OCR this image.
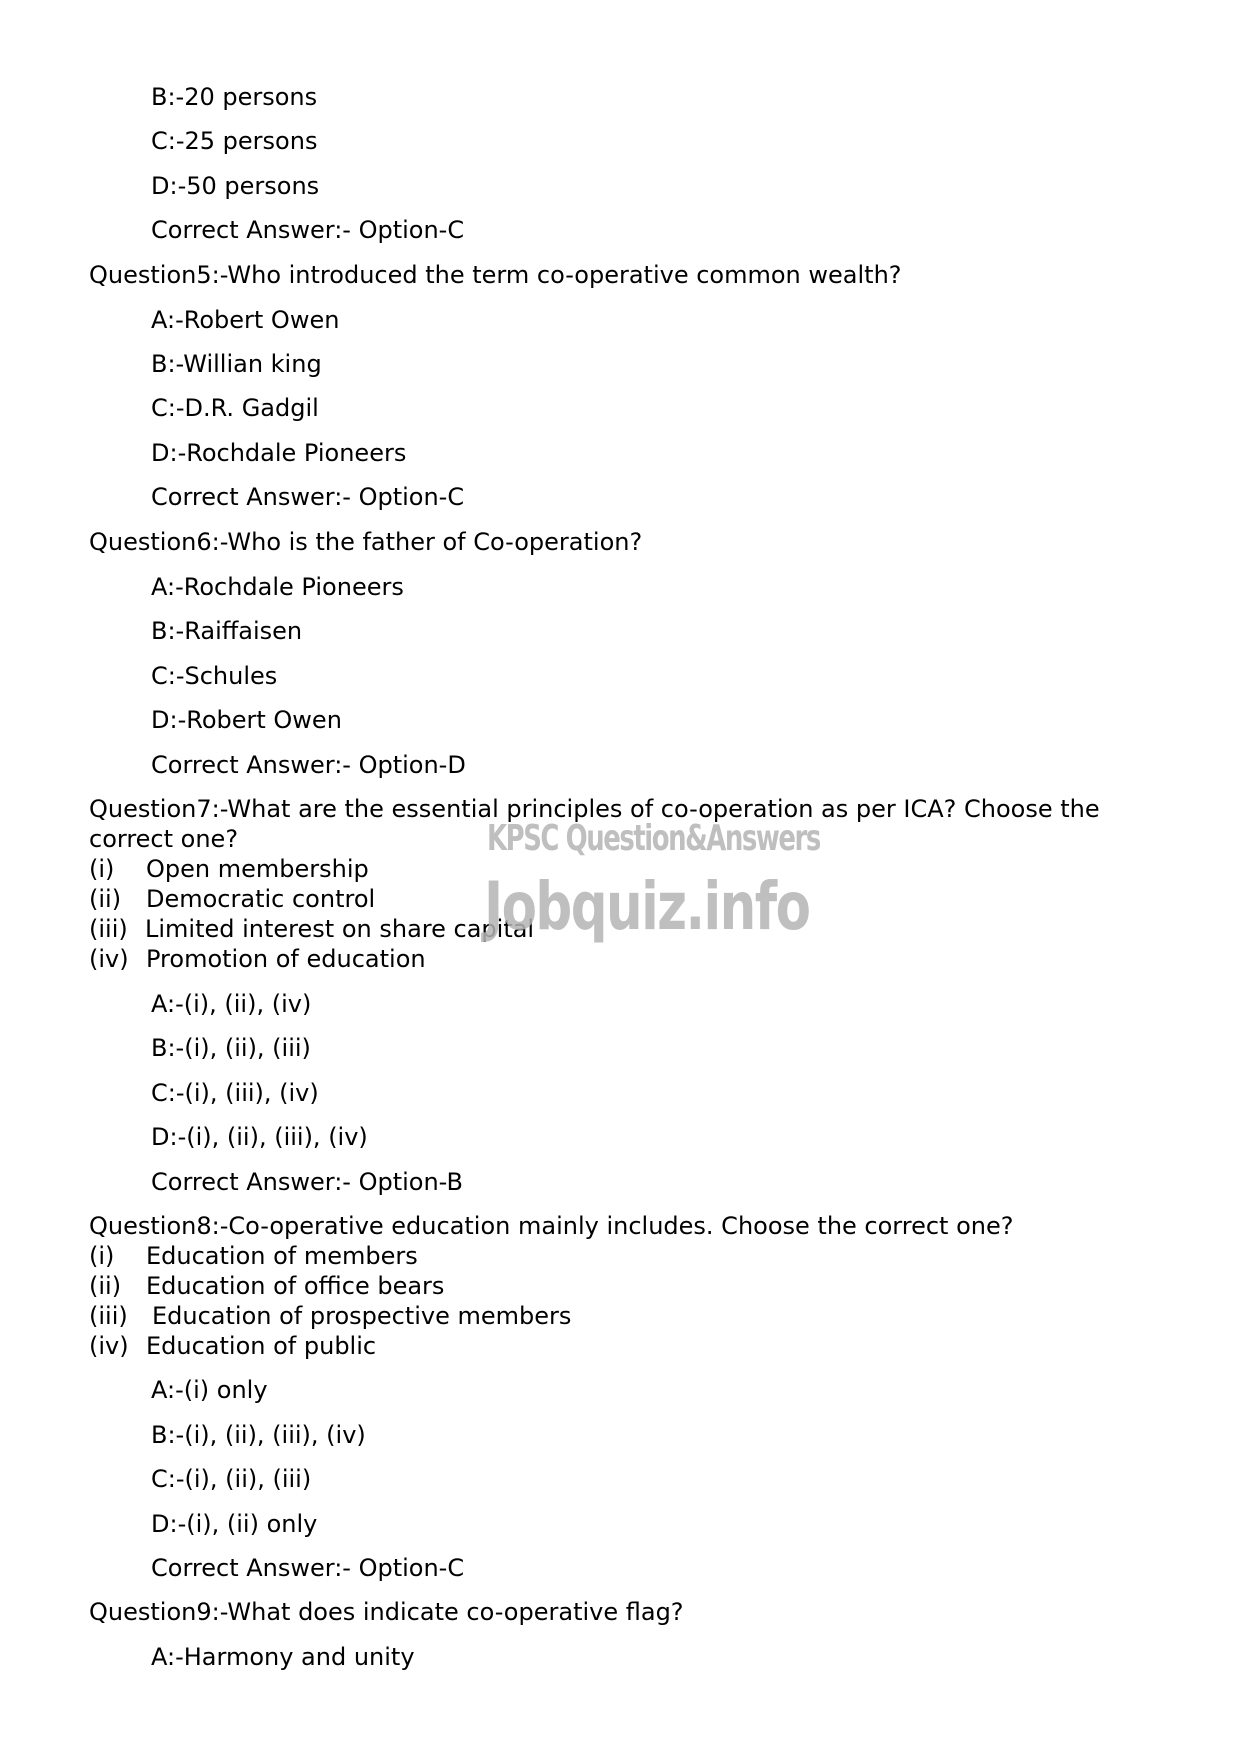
B:-20 persons
C:-25 persons
D:-50 persons
Correct Answer:- Option-C
Question5:-Who introduced the term co-operative common wealth?
A:-Robert Owen
B:-Willian king
C:-D.R. Gadgil
D:-Rochdale Pioneers
Correct Answer:- Option-C
Question6:-Who is the father of Co-operation?
A:-Rochdale Pioneers
B:-Raiffaisen
C:-Schules
D:-Robert Owen
Correct Answer:- Option-D
Question7:-What are the essential principles of co-operation as per ICA? Choose the correct one?
(i) Open membership
(ii) Democratic control
(iii) Limited interest on share capital
(iv) Promotion of education
A:-(i), (ii), (iv)
B:-(i), (ii), (iii)
C:-(i), (iii), (iv)
D:-(i), (ii), (iii), (iv)
Correct Answer:- Option-B
Question8:-Co-operative education mainly includes. Choose the correct one?
(i) Education of members
(ii) Education of office bears
(iii) Education of prospective members
(iv) Education of public
A:-(i) only
B:-(i), (ii), (iii), (iv)
C:-(i), (ii), (iii)
D:-(i), (ii) only
Correct Answer:- Option-C
Question9:-What does indicate co-operative flag?
A:-Harmony and unity
KPSC Question&Answers
Jobquiz.info
